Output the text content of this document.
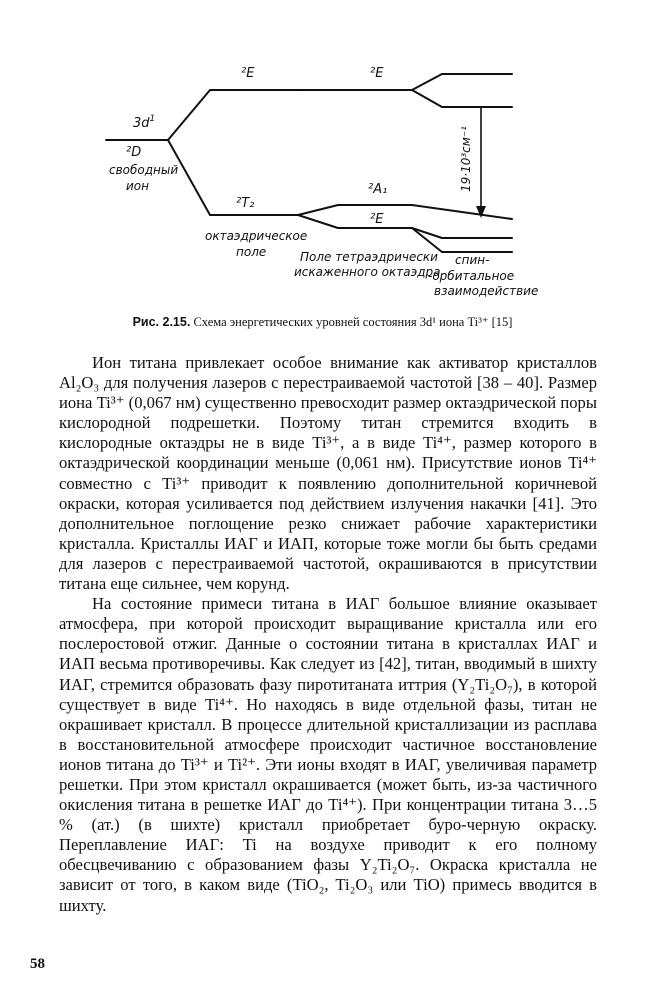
$3d^1$
²D
свободный
ион
²E	²E
²T₂
²A₁
²E
октаэдрическое
поле	Поле тетраэдрически
искаженного октаэдра
спин-
-орбитальное
взаимодействие
19·10³см⁻¹
Рис. 2.15. Схема энергетических уровней состояния 3d¹ иона Ti³⁺ [15]

Ион титана привлекает особое внимание как активатор кристаллов Al₂O₃ для получения лазеров с перестраиваемой частотой [38 – 40]. Размер иона Ti³⁺ (0,067 нм) существенно превосходит размер октаэдрической поры кислородной подрешетки. Поэтому титан стремится входить в кислородные октаэдры не в виде Ti³⁺, а в виде Ti⁴⁺, размер которого в октаэдрической координации меньше (0,061 нм). Присутствие ионов Ti⁴⁺ совместно с Ti³⁺ приводит к появлению дополнительной коричневой окраски, которая усиливается под действием излучения накачки [41]. Это дополнительное поглощение резко снижает рабочие характеристики кристалла. Кристаллы ИАГ и ИАП, которые тоже могли бы быть средами для лазеров с перестраиваемой частотой, окрашиваются в присутствии титана еще сильнее, чем корунд.

На состояние примеси титана в ИАГ большое влияние оказывает атмосфера, при которой происходит выращивание кристалла или его послеростовой отжиг. Данные о состоянии титана в кристаллах ИАГ и ИАП весьма противоречивы. Как следует из [42], титан, вводимый в шихту ИАГ, стремится образовать фазу пиротитаната иттрия (Y₂Ti₂O₇), в которой существует в виде Ti⁴⁺. Но находясь в виде отдельной фазы, титан не окрашивает кристалл. В процессе длительной кристаллизации из расплава в восстановительной атмосфере происходит частичное восстановление ионов титана до Ti³⁺ и Ti²⁺. Эти ионы входят в ИАГ, увеличивая параметр решетки. При этом кристалл окрашивается (может быть, из-за частичного окисления титана в решетке ИАГ до Ti⁴⁺). При концентрации титана 3…5 % (ат.) (в шихте) кристалл приобретает буро-черную окраску. Переплавление ИАГ: Ti на воздухе приводит к его полному обесцвечиванию с образованием фазы Y₂Ti₂O₇. Окраска кристалла не зависит от того, в каком виде (TiO₂, Ti₂O₃ или TiO) примесь вводится в шихту.

58
